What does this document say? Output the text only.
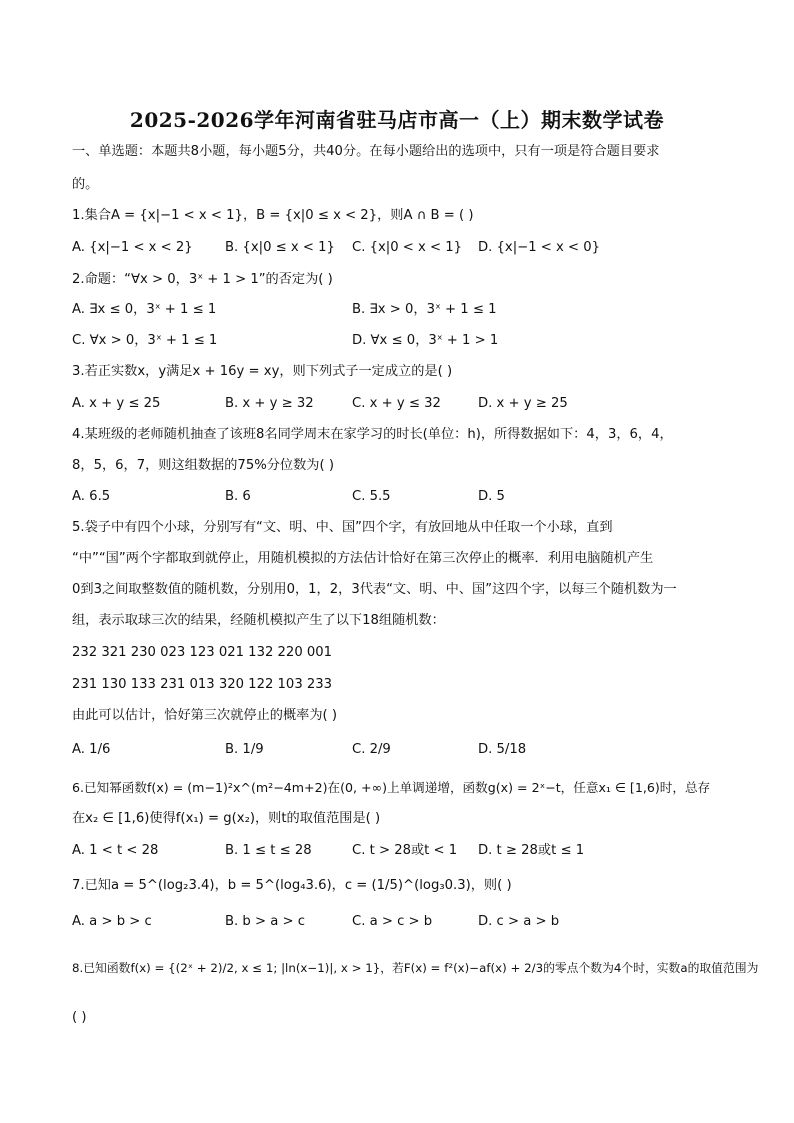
2025-2026学年河南省驻马店市高一（上）期末数学试卷
一、单选题：本题共8小题，每小题5分，共40分。在每小题给出的选项中，只有一项是符合题目要求
的。
1.集合A = {x|−1 < x < 1}，B = {x|0 ≤ x < 2}，则A ∩ B = ( )
A. {x|−1 < x < 2} B. {x|0 ≤ x < 1} C. {x|0 < x < 1} D. {x|−1 < x < 0}
2.命题：“∀x > 0，3ˣ + 1 > 1”的否定为( )
A. ∃x ≤ 0，3ˣ + 1 ≤ 1	B. ∃x > 0，3ˣ + 1 ≤ 1
C. ∀x > 0，3ˣ + 1 ≤ 1	D. ∀x ≤ 0，3ˣ + 1 > 1
3.若正实数x，y满足x + 16y = xy，则下列式子一定成立的是( )
A. x + y ≤ 25	B. x + y ≥ 32	C. x + y ≤ 32	D. x + y ≥ 25
4.某班级的老师随机抽查了该班8名同学周末在家学习的时长(单位：h)，所得数据如下：4，3，6，4，
8，5，6，7，则这组数据的75%分位数为( )
A. 6.5	B. 6	C. 5.5	D. 5
5.袋子中有四个小球，分别写有“文、明、中、国”四个字，有放回地从中任取一个小球，直到
“中”“国”两个字都取到就停止，用随机模拟的方法估计恰好在第三次停止的概率．利用电脑随机产生
0到3之间取整数值的随机数，分别用0，1，2，3代表“文、明、中、国”这四个字，以每三个随机数为一
组，表示取球三次的结果，经随机模拟产生了以下18组随机数：
232 321 230 023 123 021 132 220 001
231 130 133 231 013 320 122 103 233
由此可以估计，恰好第三次就停止的概率为( )
A. 1/6	B. 1/9	C. 2/9	D. 5/18
6.已知幂函数f(x) = (m−1)²x^(m²−4m+2)在(0, +∞)上单调递增，函数g(x) = 2ˣ−t，任意x₁ ∈ [1,6)时，总存
在x₂ ∈ [1,6)使得f(x₁) = g(x₂)，则t的取值范围是( )
A. 1 < t < 28	B. 1 ≤ t ≤ 28	C. t > 28或t < 1 D. t ≥ 28或t ≤ 1
7.已知a = 5^(log₂3.4)，b = 5^(log₄3.6)，c = (1/5)^(log₃0.3)，则( )
A. a > b > c	B. b > a > c	C. a > c > b	D. c > a > b
8.已知函数f(x) = {(2ˣ + 2)/2, x ≤ 1; |ln(x−1)|, x > 1}，若F(x) = f²(x)−af(x) + 2/3的零点个数为4个时，实数a的取值范围为
( )
